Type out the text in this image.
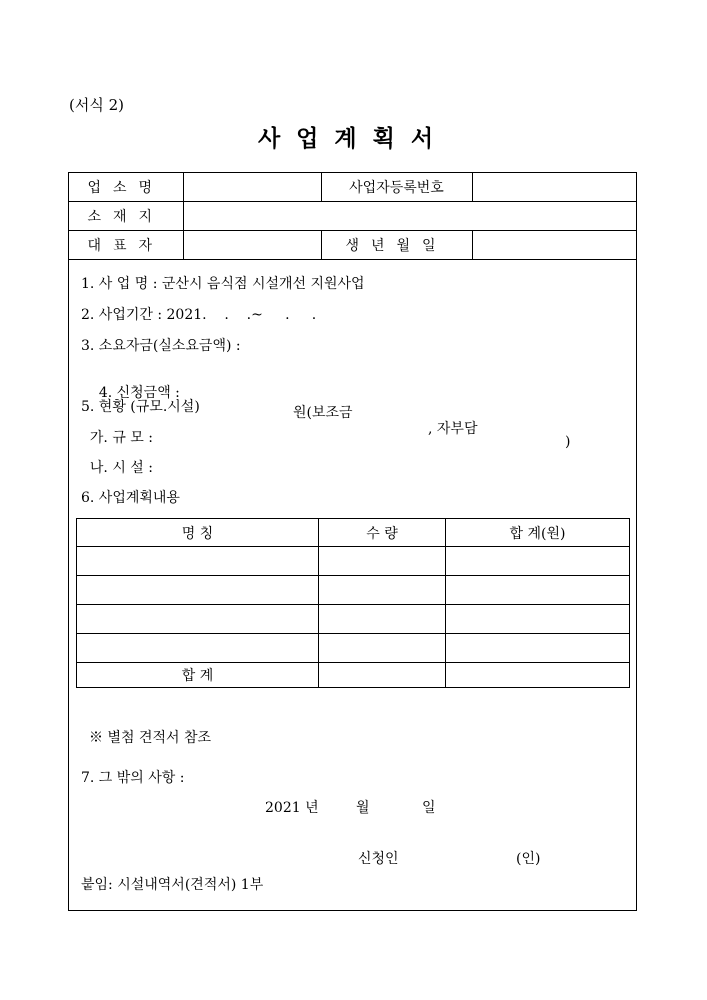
(서식 2)
사업계획서
업소명		사업자등록번호	
소재지			
대표자		생년월일	
1. 사 업 명 : 군산시 음식점 시설개선 지원사업
2. 사업기간 : 2021.    .    .~     .     .
3. 소요자금(실소요금액) :

4. 신청금액 :

원(보조금

, 자부담

)

5. 현황 (규모.시설)
가. 규 모 :
나. 시 설 :
6. 사업계획내용
명 칭	수 량	합 계(원)

합 계		
※ 별첨 견적서 참조
7. 그 밖의 사항 :
2021 년	월	일
신청인	(인)
붙임: 시설내역서(견적서) 1부
